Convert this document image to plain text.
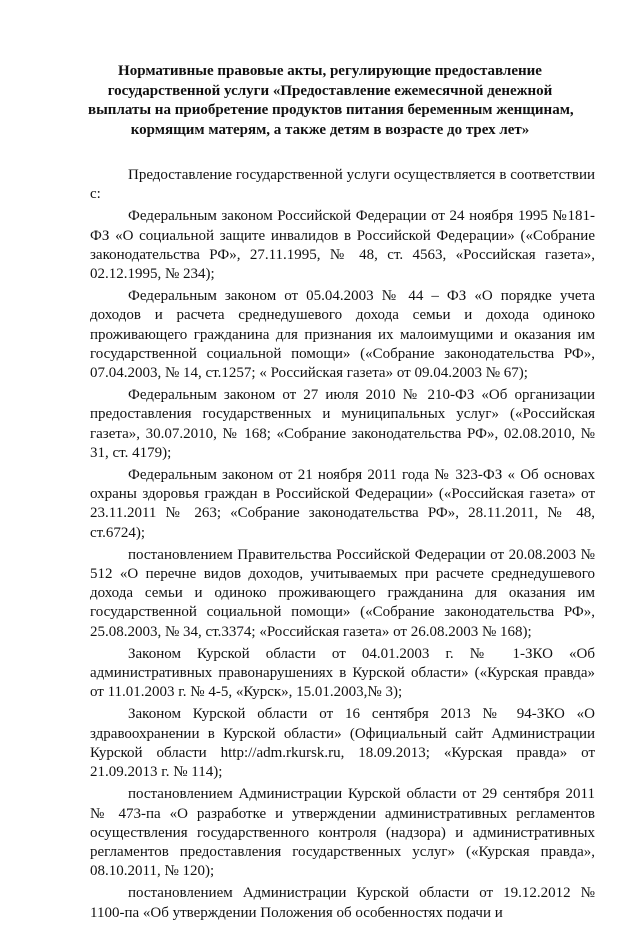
Нормативные правовые акты, регулирующие предоставление
государственной услуги «Предоставление ежемесячной денежной
выплаты на приобретение продуктов питания беременным женщинам,
кормящим матерям, а также детям в возрасте до трех лет»

Предоставление государственной услуги осуществляется в соответствии с:

Федеральным законом Российской Федерации от 24 ноября 1995 №181-ФЗ «О социальной защите инвалидов в Российской Федерации» («Собрание законодательства РФ», 27.11.1995, № 48, ст. 4563, «Российская газета», 02.12.1995, № 234);

Федеральным законом от 05.04.2003 № 44 – ФЗ «О порядке учета доходов и расчета среднедушевого дохода семьи и дохода одиноко проживающего гражданина для признания их малоимущими и оказания им государственной социальной помощи» («Собрание законодательства РФ», 07.04.2003, № 14, ст.1257; « Российская газета» от 09.04.2003 № 67);

Федеральным законом от 27 июля 2010 № 210-ФЗ «Об организации предоставления государственных и муниципальных услуг» («Российская газета», 30.07.2010, № 168; «Собрание законодательства РФ», 02.08.2010, № 31, ст. 4179);

Федеральным законом от 21 ноября 2011 года № 323-ФЗ « Об основах охраны здоровья граждан в Российской Федерации» («Российская газета» от 23.11.2011 № 263; «Собрание законодательства РФ», 28.11.2011, № 48, ст.6724);

постановлением Правительства Российской Федерации от 20.08.2003 № 512 «О перечне видов доходов, учитываемых при расчете среднедушевого дохода семьи и одиноко проживающего гражданина для оказания им государственной социальной помощи» («Собрание законодательства РФ», 25.08.2003, № 34, ст.3374; «Российская газета» от 26.08.2003 № 168);

Законом Курской области от 04.01.2003 г. № 1-ЗКО «Об административных правонарушениях в Курской области» («Курская правда» от 11.01.2003 г. № 4-5, «Курск», 15.01.2003,№ 3);

Законом Курской области от 16 сентября 2013 № 94-ЗКО «О здравоохранении в Курской области» (Официальный сайт Администрации Курской области http://adm.rkursk.ru, 18.09.2013; «Курская правда» от 21.09.2013 г. № 114);

постановлением Администрации Курской области от 29 сентября 2011 № 473-па «О разработке и утверждении административных регламентов осуществления государственного контроля (надзора) и административных регламентов предоставления государственных услуг» («Курская правда», 08.10.2011, № 120);

постановлением Администрации Курской области от 19.12.2012 № 1100-па «Об утверждении Положения об особенностях подачи и
